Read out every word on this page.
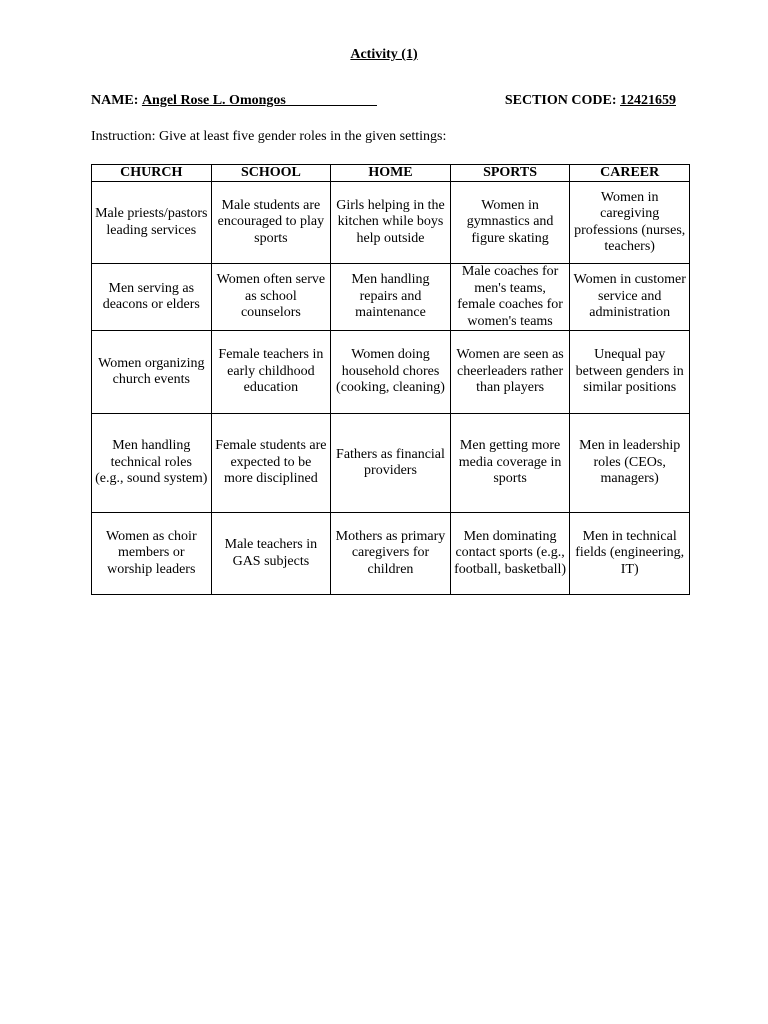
Activity (1)
NAME: Angel Rose L. Omongos_____________	SECTION CODE: 12421659
Instruction: Give at least five gender roles in the given settings:
CHURCH	SCHOOL	HOME	SPORTS	CAREER
Male priests/pastors leading services	Male students are encouraged to play sports	Girls helping in the kitchen while boys help outside	Women in gymnastics and figure skating	Women in caregiving professions (nurses, teachers)
Men serving as deacons or elders	Women often serve as school counselors	Men handling repairs and maintenance	Male coaches for men's teams, female coaches for women's teams	Women in customer service and administration
Women organizing church events	Female teachers in early childhood education	Women doing household chores (cooking, cleaning)	Women are seen as cheerleaders rather than players	Unequal pay between genders in similar positions
Men handling technical roles (e.g., sound system)	Female students are expected to be more disciplined	Fathers as financial providers	Men getting more media coverage in sports	Men in leadership roles (CEOs, managers)
Women as choir members or worship leaders	Male teachers in GAS subjects	Mothers as primary caregivers for children	Men dominating contact sports (e.g., football, basketball)	Men in technical fields (engineering, IT)
